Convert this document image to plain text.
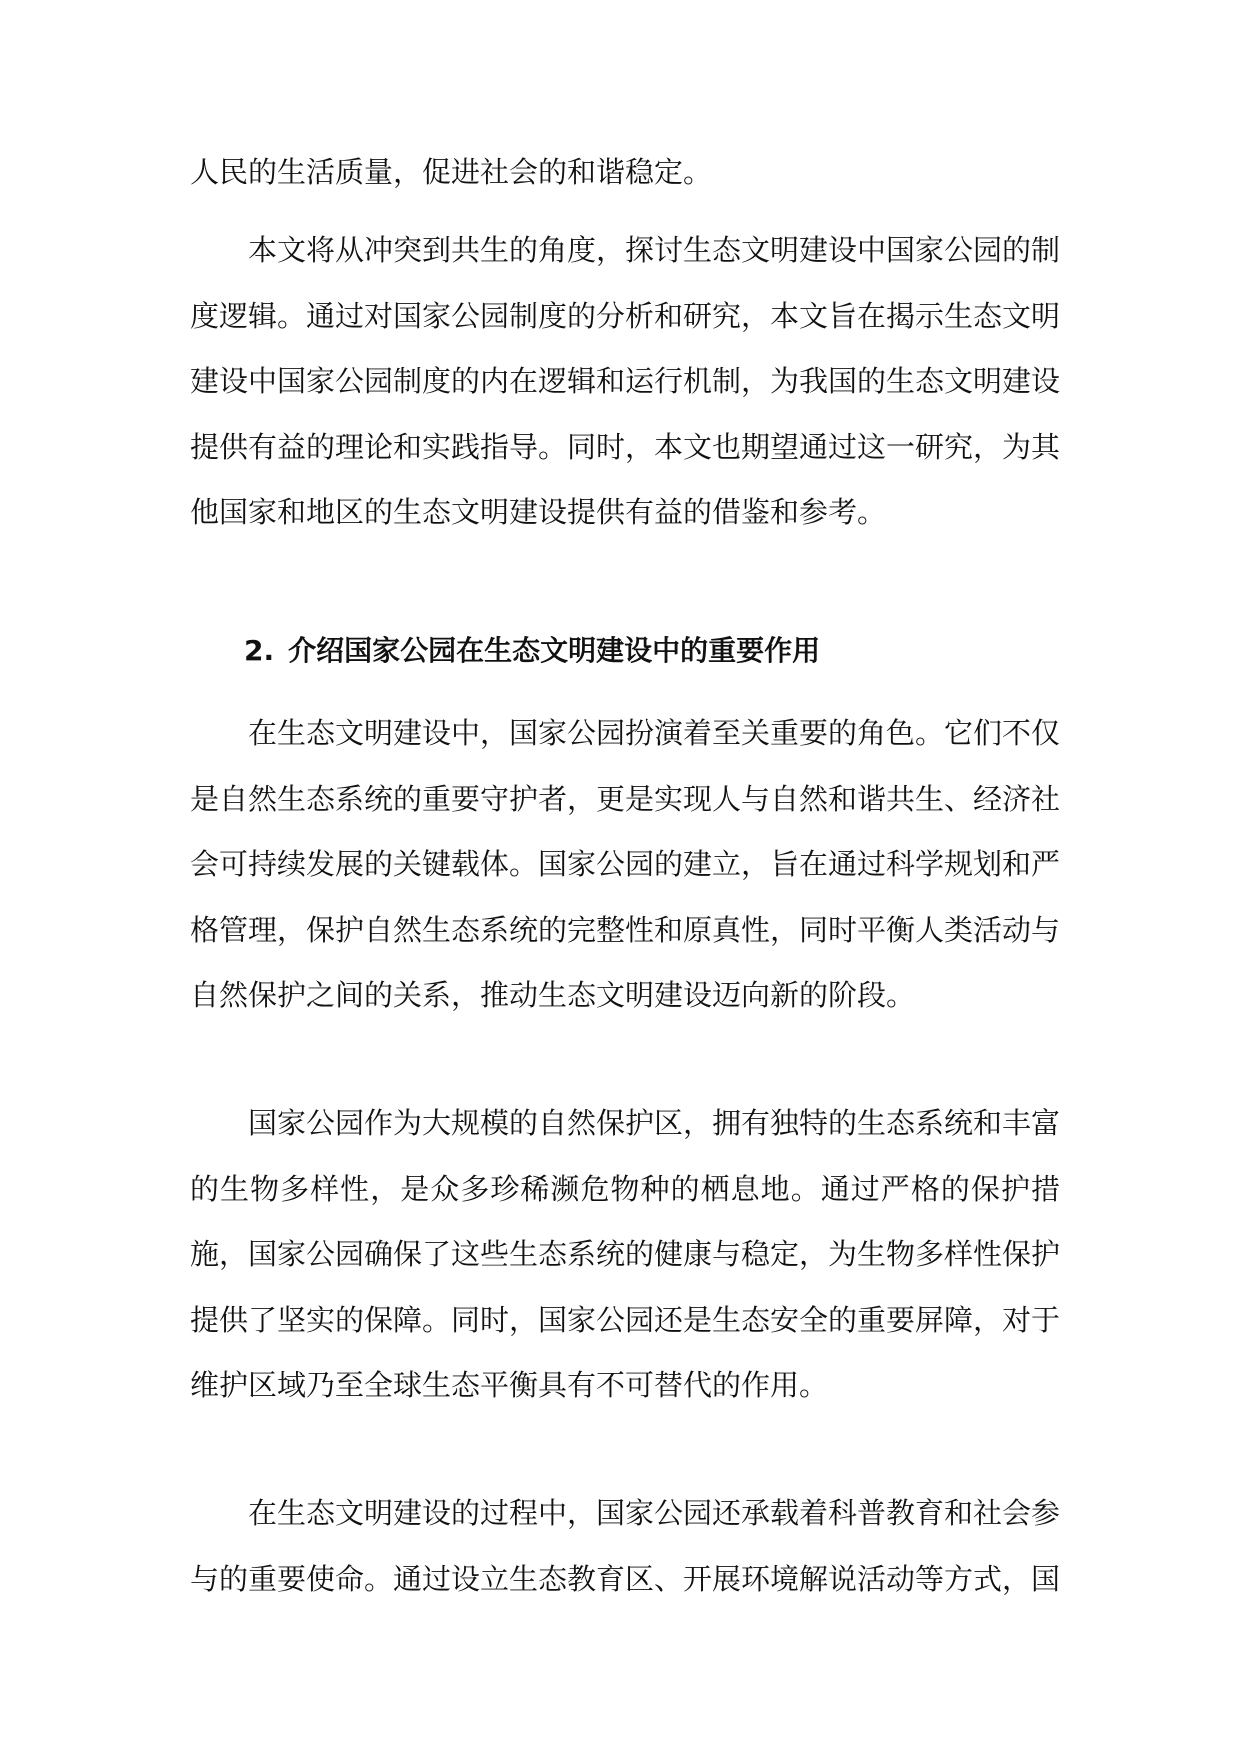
人民的生活质量，促进社会的和谐稳定。

本文将从冲突到共生的角度，探讨生态文明建设中国家公园的制度逻辑。通过对国家公园制度的分析和研究，本文旨在揭示生态文明建设中国家公园制度的内在逻辑和运行机制，为我国的生态文明建设提供有益的理论和实践指导。同时，本文也期望通过这一研究，为其他国家和地区的生态文明建设提供有益的借鉴和参考。

2. 介绍国家公园在生态文明建设中的重要作用

在生态文明建设中，国家公园扮演着至关重要的角色。它们不仅是自然生态系统的重要守护者，更是实现人与自然和谐共生、经济社会可持续发展的关键载体。国家公园的建立，旨在通过科学规划和严格管理，保护自然生态系统的完整性和原真性，同时平衡人类活动与自然保护之间的关系，推动生态文明建设迈向新的阶段。

国家公园作为大规模的自然保护区，拥有独特的生态系统和丰富的生物多样性，是众多珍稀濒危物种的栖息地。通过严格的保护措施，国家公园确保了这些生态系统的健康与稳定，为生物多样性保护提供了坚实的保障。同时，国家公园还是生态安全的重要屏障，对于维护区域乃至全球生态平衡具有不可替代的作用。

在生态文明建设的过程中，国家公园还承载着科普教育和社会参与的重要使命。通过设立生态教育区、开展环境解说活动等方式，国
